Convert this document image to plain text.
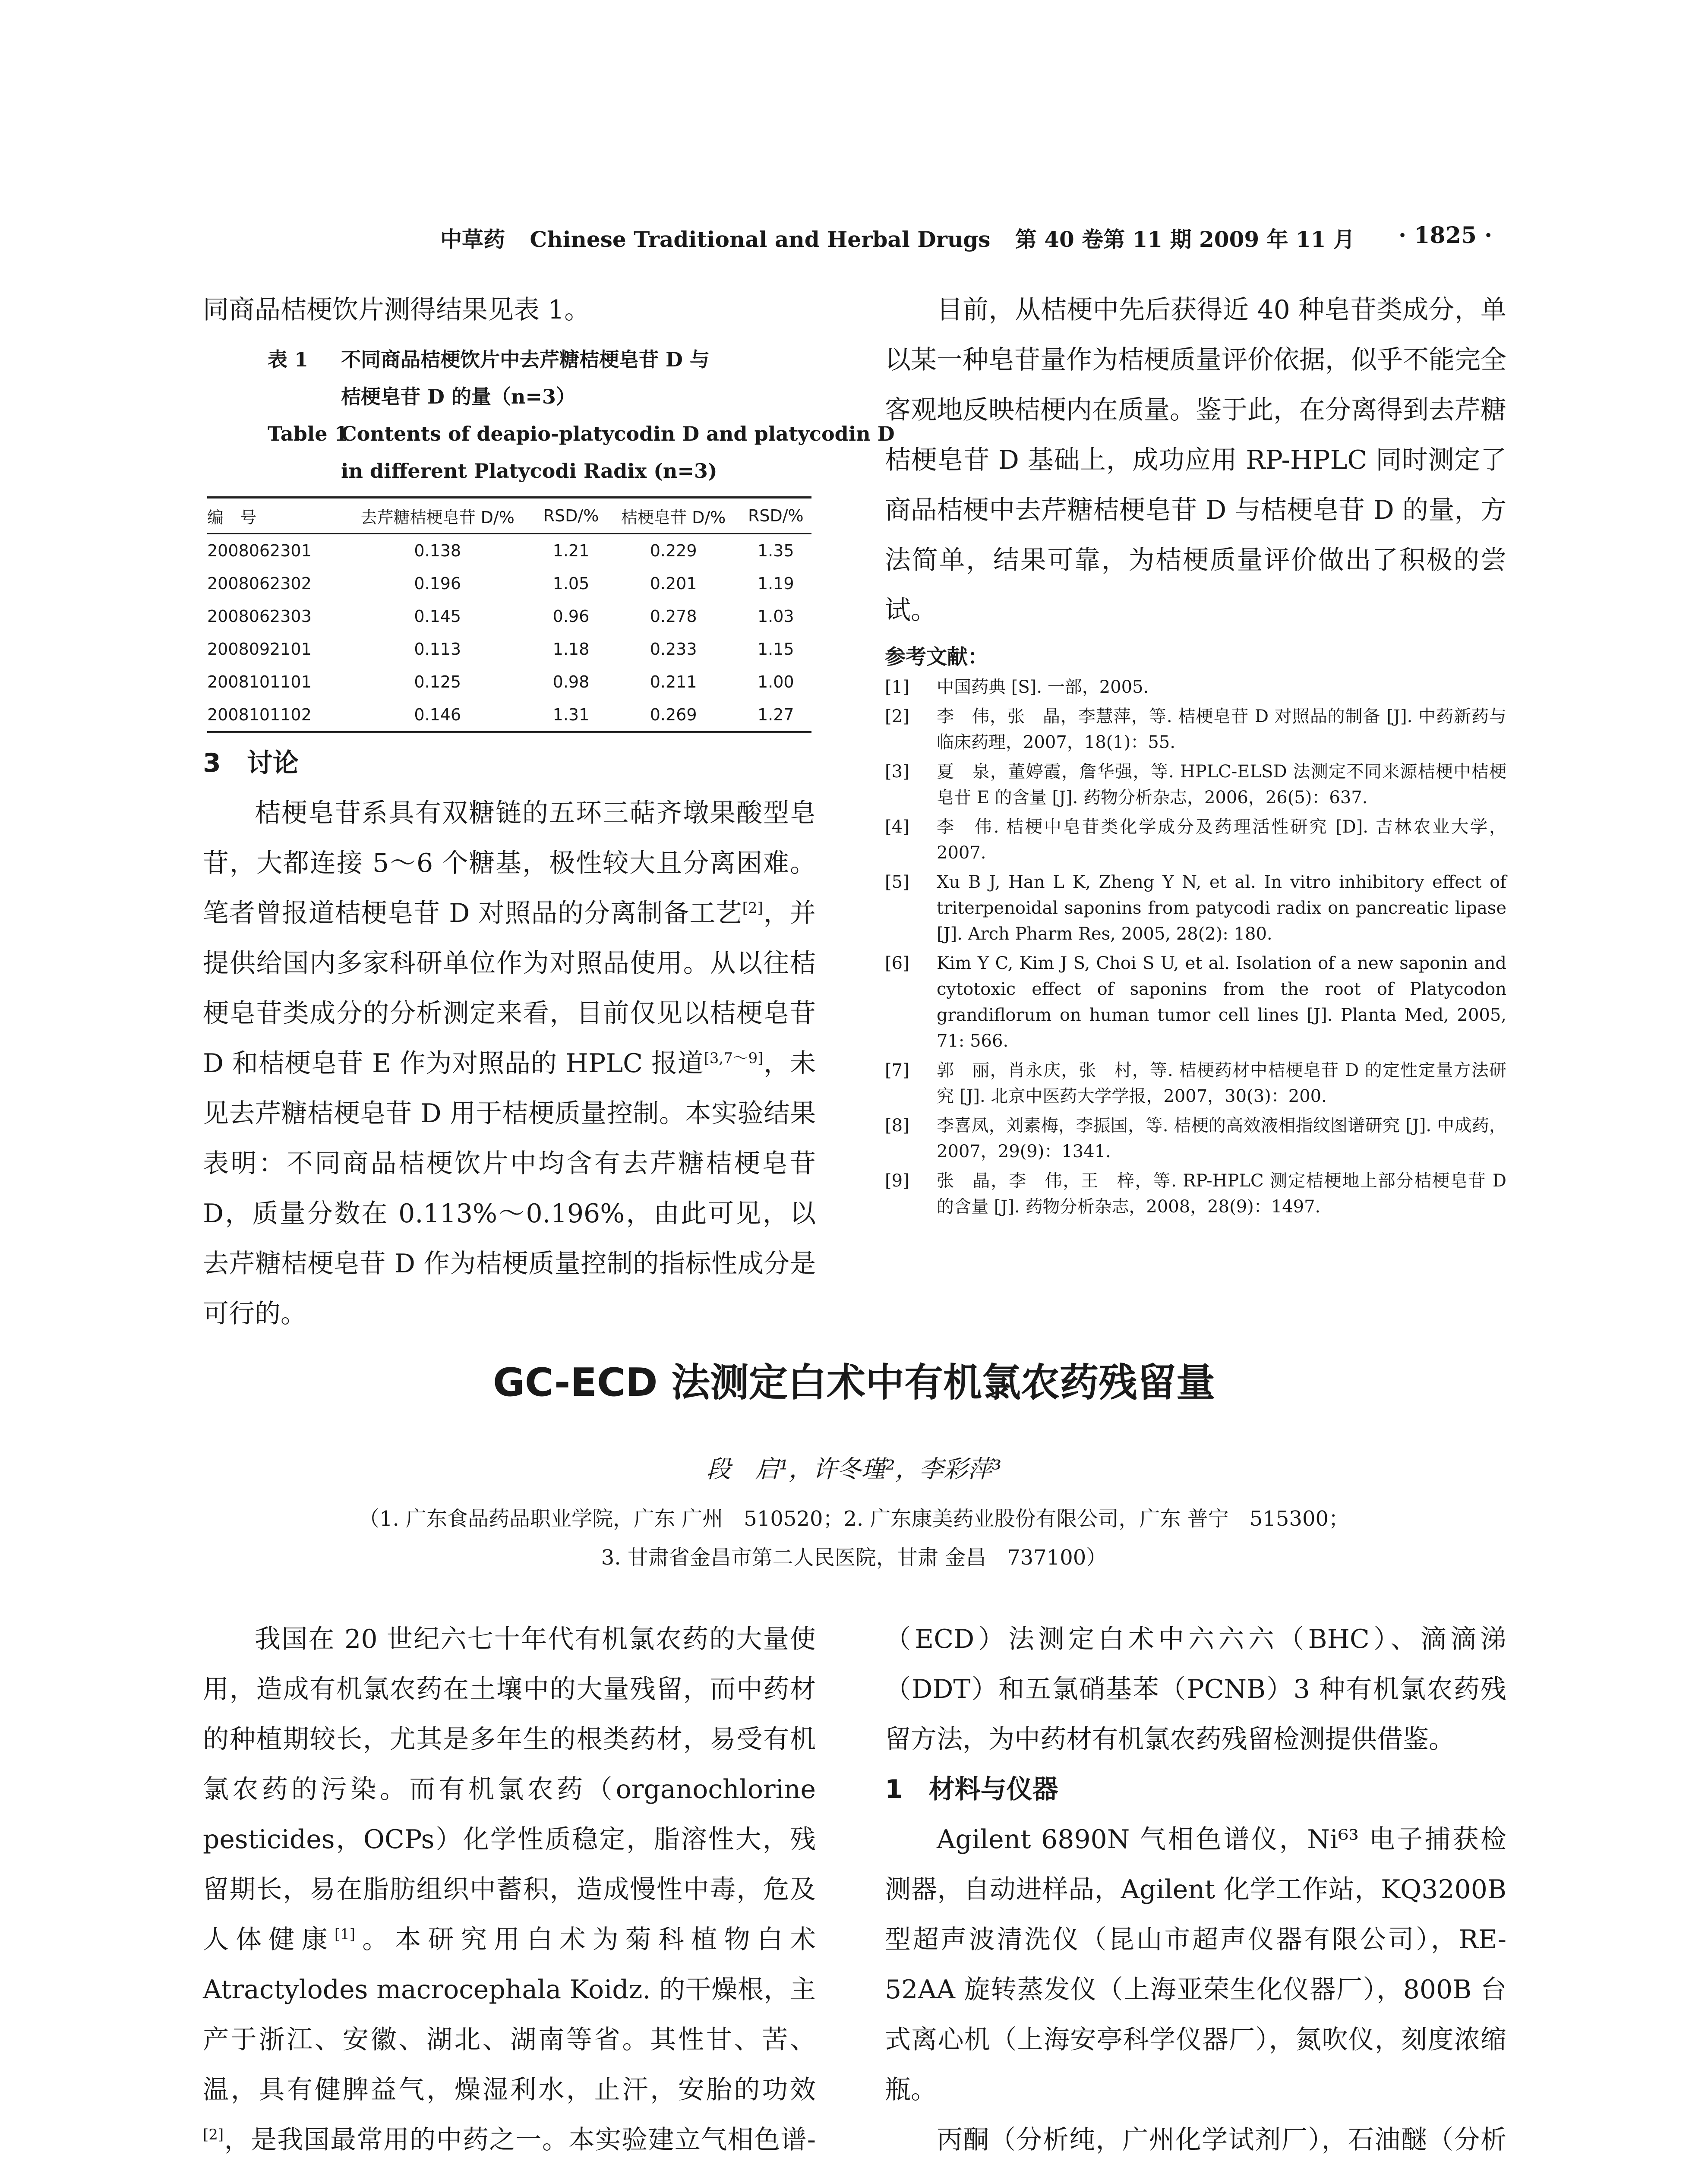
中草药 Chinese Traditional and Herbal Drugs 第 40 卷第 11 期 2009 年 11 月	· 1825 ·

同商品桔梗饮片测得结果见表 1。

表 1 不同商品桔梗饮片中去芹糖桔梗皂苷 D 与
桔梗皂苷 D 的量（n=3）
Table 1Contents of deapio-platycodin D and platycodin D
in different Platycodi Radix (n=3)
编　号	去芹糖桔梗皂苷 D/%	RSD/%	桔梗皂苷 D/%	RSD/%
2008062301	0.138	1.21	0.229	1.35
2008062302	0.196	1.05	0.201	1.19
2008062303	0.145	0.96	0.278	1.03
2008092101	0.113	1.18	0.233	1.15
2008101101	0.125	0.98	0.211	1.00
2008101102	0.146	1.31	0.269	1.27
3　讨论

桔梗皂苷系具有双糖链的五环三萜齐墩果酸型皂苷，大都连接 5～6 个糖基，极性较大且分离困难。笔者曾报道桔梗皂苷 D 对照品的分离制备工艺[2]，并提供给国内多家科研单位作为对照品使用。从以往桔梗皂苷类成分的分析测定来看，目前仅见以桔梗皂苷 D 和桔梗皂苷 E 作为对照品的 HPLC 报道[3,7～9]，未见去芹糖桔梗皂苷 D 用于桔梗质量控制。本实验结果表明：不同商品桔梗饮片中均含有去芹糖桔梗皂苷 D，质量分数在 0.113%～0.196%，由此可见，以去芹糖桔梗皂苷 D 作为桔梗质量控制的指标性成分是可行的。

目前，从桔梗中先后获得近 40 种皂苷类成分，单以某一种皂苷量作为桔梗质量评价依据，似乎不能完全客观地反映桔梗内在质量。鉴于此，在分离得到去芹糖桔梗皂苷 D 基础上，成功应用 RP-HPLC 同时测定了商品桔梗中去芹糖桔梗皂苷 D 与桔梗皂苷 D 的量，方法简单，结果可靠，为桔梗质量评价做出了积极的尝试。

参考文献：
[1]	中国药典 [S]. 一部，2005.
[2]	李　伟，张　晶，李慧萍，等. 桔梗皂苷 D 对照品的制备 [J]. 中药新药与临床药理，2007，18(1)：55.
[3]	夏　泉，董婷霞，詹华强，等. HPLC-ELSD 法测定不同来源桔梗中桔梗皂苷 E 的含量 [J]. 药物分析杂志，2006，26(5)：637.
[4]	李　伟. 桔梗中皂苷类化学成分及药理活性研究 [D]. 吉林农业大学，2007.
[5]	Xu B J, Han L K, Zheng Y N, et al. In vitro inhibitory effect of triterpenoidal saponins from patycodi radix on pancreatic lipase [J]. Arch Pharm Res, 2005, 28(2): 180.
[6]	Kim Y C, Kim J S, Choi S U, et al. Isolation of a new saponin and cytotoxic effect of saponins from the root of Platycodon grandiflorum on human tumor cell lines [J]. Planta Med, 2005, 71: 566.
[7]	郭　丽，肖永庆，张　村，等. 桔梗药材中桔梗皂苷 D 的定性定量方法研究 [J]. 北京中医药大学学报，2007，30(3)：200.
[8]	李喜凤，刘素梅，李振国，等. 桔梗的高效液相指纹图谱研究 [J]. 中成药，2007，29(9)：1341.
[9]	张　晶，李　伟，王　梓，等. RP-HPLC 测定桔梗地上部分桔梗皂苷 D 的含量 [J]. 药物分析杂志，2008，28(9)：1497.
GC-ECD 法测定白术中有机氯农药残留量
段　启¹，许冬瑾²，李彩萍³
（1. 广东食品药品职业学院，广东 广州　510520；2. 广东康美药业股份有限公司，广东 普宁　515300；
3. 甘肃省金昌市第二人民医院，甘肃 金昌　737100）

我国在 20 世纪六七十年代有机氯农药的大量使用，造成有机氯农药在土壤中的大量残留，而中药材的种植期较长，尤其是多年生的根类药材，易受有机氯农药的污染。而有机氯农药（organochlorine pesticides，OCPs）化学性质稳定，脂溶性大，残留期长，易在脂肪组织中蓄积，造成慢性中毒，危及人体健康[1]。本研究用白术为菊科植物白术 Atractylodes macrocephala Koidz. 的干燥根，主产于浙江、安徽、湖北、湖南等省。其性甘、苦、温，具有健脾益气，燥湿利水，止汗，安胎的功效[2]，是我国最常用的中药之一。本实验建立气相色谱-

（ECD）法测定白术中六六六（BHC）、滴滴涕（DDT）和五氯硝基苯（PCNB）3 种有机氯农药残留方法，为中药材有机氯农药残留检测提供借鉴。

1　材料与仪器

Agilent 6890N 气相色谱仪，Ni⁶³ 电子捕获检测器，自动进样品，Agilent 化学工作站，KQ3200B 型超声波清洗仪（昆山市超声仪器有限公司），RE-52AA 旋转蒸发仪（上海亚荣生化仪器厂），800B 台式离心机（上海安亭科学仪器厂），氮吹仪，刻度浓缩瓶。

丙酮（分析纯，广州化学试剂厂），石油醚（分析
